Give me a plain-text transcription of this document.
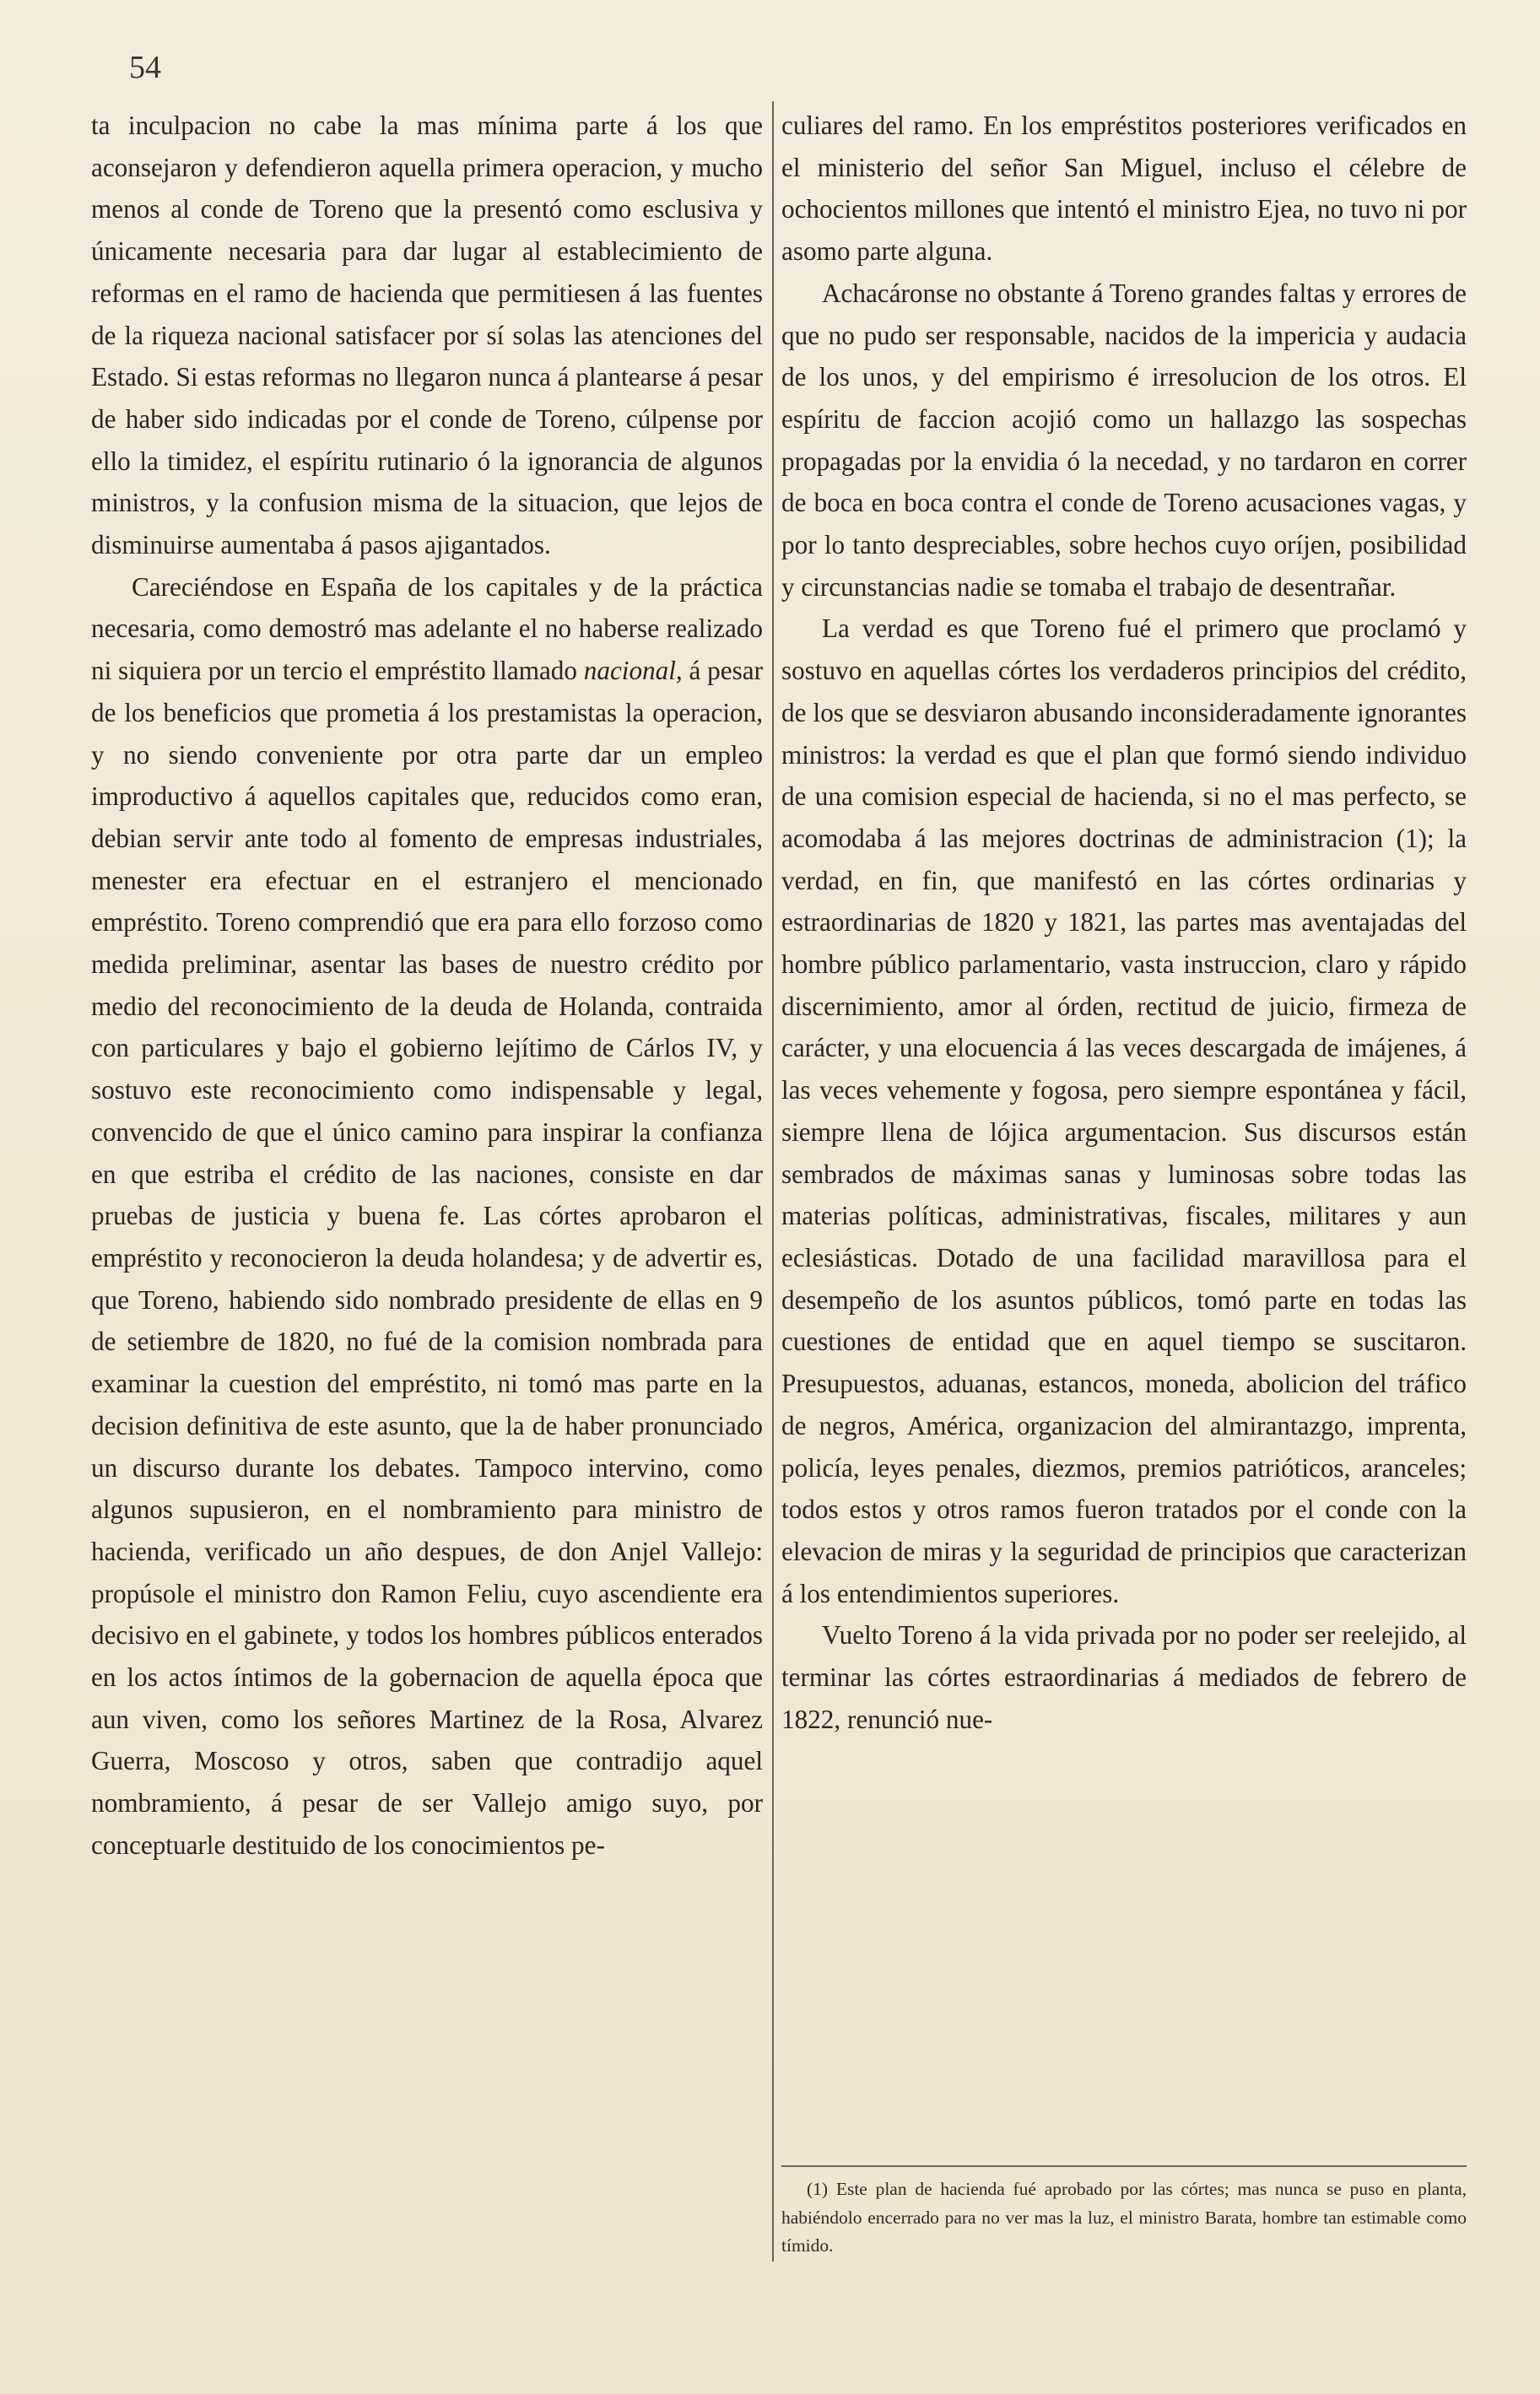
54

ta inculpacion no cabe la mas mínima parte á los que aconsejaron y defendieron aquella primera operacion, y mucho menos al conde de Toreno que la presentó como esclusiva y únicamente necesaria para dar lugar al establecimiento de reformas en el ramo de hacienda que permitiesen á las fuentes de la riqueza nacional satisfacer por sí solas las atenciones del Estado. Si estas reformas no llegaron nunca á plantearse á pesar de haber sido indicadas por el conde de Toreno, cúlpense por ello la timidez, el espíritu rutinario ó la ignorancia de algunos ministros, y la confusion misma de la situacion, que lejos de disminuirse aumentaba á pasos ajigantados.

Careciéndose en España de los capitales y de la práctica necesaria, como demostró mas adelante el no haberse realizado ni siquiera por un tercio el empréstito llamado nacional, á pesar de los beneficios que prometia á los prestamistas la operacion, y no siendo conveniente por otra parte dar un empleo improductivo á aquellos capitales que, reducidos como eran, debian servir ante todo al fomento de empresas industriales, menester era efectuar en el estranjero el mencionado empréstito. Toreno comprendió que era para ello forzoso como medida preliminar, asentar las bases de nuestro crédito por medio del reconocimiento de la deuda de Holanda, contraida con particulares y bajo el gobierno lejítimo de Cárlos IV, y sostuvo este reconocimiento como indispensable y legal, convencido de que el único camino para inspirar la confianza en que estriba el crédito de las naciones, consiste en dar pruebas de justicia y buena fe. Las córtes aprobaron el empréstito y reconocieron la deuda holandesa; y de advertir es, que Toreno, habiendo sido nombrado presidente de ellas en 9 de setiembre de 1820, no fué de la comision nombrada para examinar la cuestion del empréstito, ni tomó mas parte en la decision definitiva de este asunto, que la de haber pronunciado un discurso durante los debates. Tampoco intervino, como algunos supusieron, en el nombramiento para ministro de hacienda, verificado un año despues, de don Anjel Vallejo: propúsole el ministro don Ramon Feliu, cuyo ascendiente era decisivo en el gabinete, y todos los hombres públicos enterados en los actos íntimos de la gobernacion de aquella época que aun viven, como los señores Martinez de la Rosa, Alvarez Guerra, Moscoso y otros, saben que contradijo aquel nombramiento, á pesar de ser Vallejo amigo suyo, por conceptuarle destituido de los conocimientos pe-

culiares del ramo. En los empréstitos posteriores verificados en el ministerio del señor San Miguel, incluso el célebre de ochocientos millones que intentó el ministro Ejea, no tuvo ni por asomo parte alguna.

Achacáronse no obstante á Toreno grandes faltas y errores de que no pudo ser responsable, nacidos de la impericia y audacia de los unos, y del empirismo é irresolucion de los otros. El espíritu de faccion acojió como un hallazgo las sospechas propagadas por la envidia ó la necedad, y no tardaron en correr de boca en boca contra el conde de Toreno acusaciones vagas, y por lo tanto despreciables, sobre hechos cuyo oríjen, posibilidad y circunstancias nadie se tomaba el trabajo de desentrañar.

La verdad es que Toreno fué el primero que proclamó y sostuvo en aquellas córtes los verdaderos principios del crédito, de los que se desviaron abusando inconsideradamente ignorantes ministros: la verdad es que el plan que formó siendo individuo de una comision especial de hacienda, si no el mas perfecto, se acomodaba á las mejores doctrinas de administracion (1); la verdad, en fin, que manifestó en las córtes ordinarias y estraordinarias de 1820 y 1821, las partes mas aventajadas del hombre público parlamentario, vasta instruccion, claro y rápido discernimiento, amor al órden, rectitud de juicio, firmeza de carácter, y una elocuencia á las veces descargada de imájenes, á las veces vehemente y fogosa, pero siempre espontánea y fácil, siempre llena de lójica argumentacion. Sus discursos están sembrados de máximas sanas y luminosas sobre todas las materias políticas, administrativas, fiscales, militares y aun eclesiásticas. Dotado de una facilidad maravillosa para el desempeño de los asuntos públicos, tomó parte en todas las cuestiones de entidad que en aquel tiempo se suscitaron. Presupuestos, aduanas, estancos, moneda, abolicion del tráfico de negros, América, organizacion del almirantazgo, imprenta, policía, leyes penales, diezmos, premios patrióticos, aranceles; todos estos y otros ramos fueron tratados por el conde con la elevacion de miras y la seguridad de principios que caracterizan á los entendimientos superiores.

Vuelto Toreno á la vida privada por no poder ser reelejido, al terminar las córtes estraordinarias á mediados de febrero de 1822, renunció nue-

(1) Este plan de hacienda fué aprobado por las córtes; mas nunca se puso en planta, habiéndolo encerrado para no ver mas la luz, el ministro Barata, hombre tan estimable como tímido.
